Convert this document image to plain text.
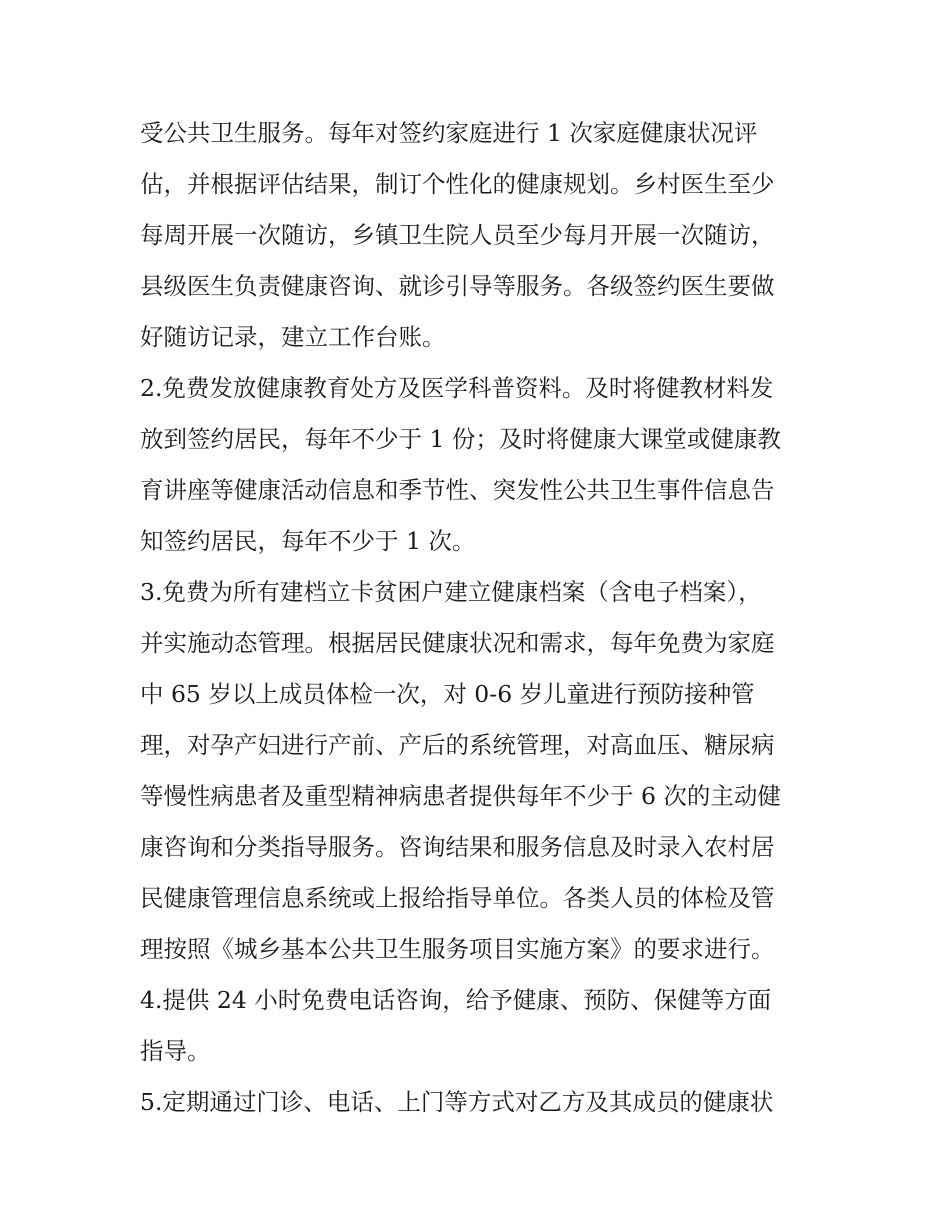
受公共卫生服务。每年对签约家庭进行 1 次家庭健康状况评
估，并根据评估结果，制订个性化的健康规划。乡村医生至少
每周开展一次随访，乡镇卫生院人员至少每月开展一次随访，
县级医生负责健康咨询、就诊引导等服务。各级签约医生要做
好随访记录，建立工作台账。
2.免费发放健康教育处方及医学科普资料。及时将健教材料发
放到签约居民，每年不少于 1 份；及时将健康大课堂或健康教
育讲座等健康活动信息和季节性、突发性公共卫生事件信息告
知签约居民，每年不少于 1 次。
3.免费为所有建档立卡贫困户建立健康档案（含电子档案），
并实施动态管理。根据居民健康状况和需求，每年免费为家庭
中 65 岁以上成员体检一次，对 0-6 岁儿童进行预防接种管
理，对孕产妇进行产前、产后的系统管理，对高血压、糖尿病
等慢性病患者及重型精神病患者提供每年不少于 6 次的主动健
康咨询和分类指导服务。咨询结果和服务信息及时录入农村居
民健康管理信息系统或上报给指导单位。各类人员的体检及管
理按照《城乡基本公共卫生服务项目实施方案》的要求进行。
4.提供 24 小时免费电话咨询，给予健康、预防、保健等方面
指导。
5.定期通过门诊、电话、上门等方式对乙方及其成员的健康状
